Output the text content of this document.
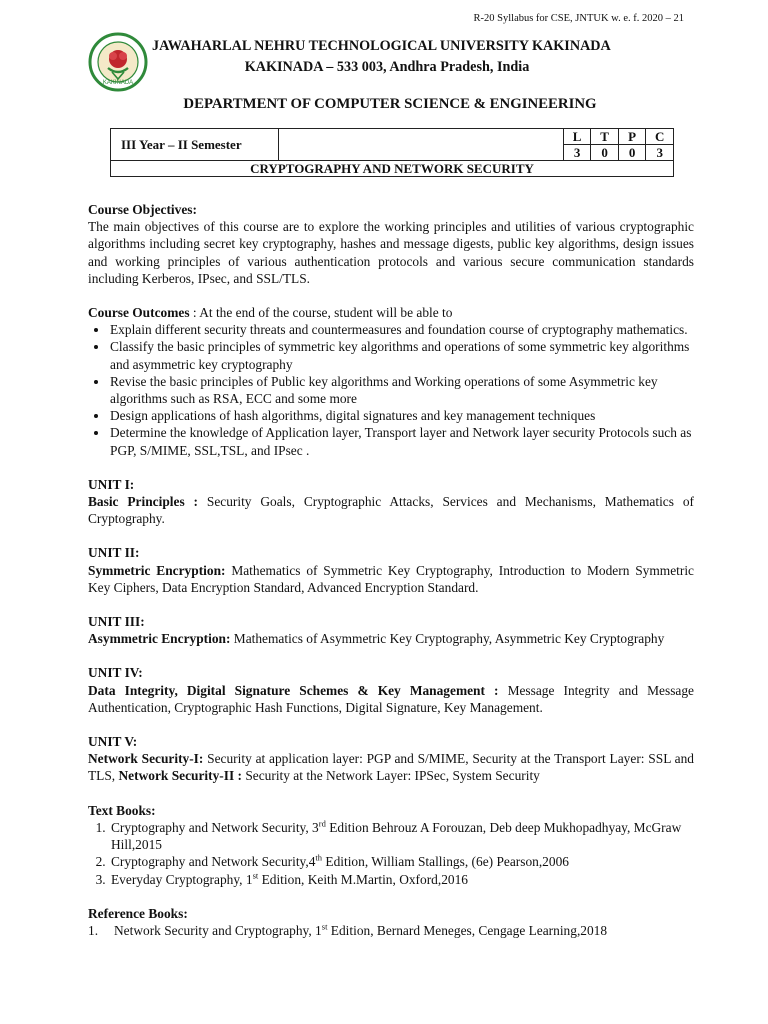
R-20 Syllabus for CSE, JNTUK w. e. f. 2020 – 21
KAKINADA
JAWAHARLAL NEHRU TECHNOLOGICAL UNIVERSITY KAKINADA
KAKINADA – 533 003, Andhra Pradesh, India
DEPARTMENT OF COMPUTER SCIENCE & ENGINEERING
III Year – II Semester		L	T	P	C
		3	0	0	3
CRYPTOGRAPHY AND NETWORK SECURITY					
Course Objectives:
The main objectives of this course are to explore the working principles and utilities of various cryptographic algorithms including secret key cryptography, hashes and message digests, public key algorithms, design issues and working principles of various authentication protocols and various secure communication standards including Kerberos, IPsec, and SSL/TLS.
Course Outcomes : At the end of the course, student will be able to
• Explain different security threats and countermeasures and foundation course of cryptography mathematics.
• Classify the basic principles of symmetric key algorithms and operations of some symmetric key algorithms and asymmetric key cryptography
• Revise the basic principles of Public key algorithms and Working operations of some Asymmetric key algorithms such as RSA, ECC and some more
• Design applications of hash algorithms, digital signatures and key management techniques
• Determine the knowledge of Application layer, Transport layer and Network layer security Protocols such as PGP, S/MIME, SSL,TSL, and IPsec .
UNIT I:
Basic Principles : Security Goals, Cryptographic Attacks, Services and Mechanisms, Mathematics of Cryptography.
UNIT II:
Symmetric Encryption: Mathematics of Symmetric Key Cryptography, Introduction to Modern Symmetric Key Ciphers, Data Encryption Standard, Advanced Encryption Standard.
UNIT III:
Asymmetric Encryption: Mathematics of Asymmetric Key Cryptography, Asymmetric Key Cryptography
UNIT IV:
Data Integrity, Digital Signature Schemes & Key Management : Message Integrity and Message Authentication, Cryptographic Hash Functions, Digital Signature, Key Management.
UNIT V:
Network Security-I: Security at application layer: PGP and S/MIME, Security at the Transport Layer: SSL and TLS, Network Security-II : Security at the Network Layer: IPSec, System Security
Text Books:
1. Cryptography and Network Security, 3rd Edition Behrouz A Forouzan, Deb deep Mukhopadhyay, McGraw Hill,2015
2. Cryptography and Network Security,4th Edition, William Stallings, (6e) Pearson,2006
3. Everyday Cryptography, 1st Edition, Keith M.Martin, Oxford,2016
Reference Books:
1. Network Security and Cryptography, 1st Edition, Bernard Meneges, Cengage Learning,2018
